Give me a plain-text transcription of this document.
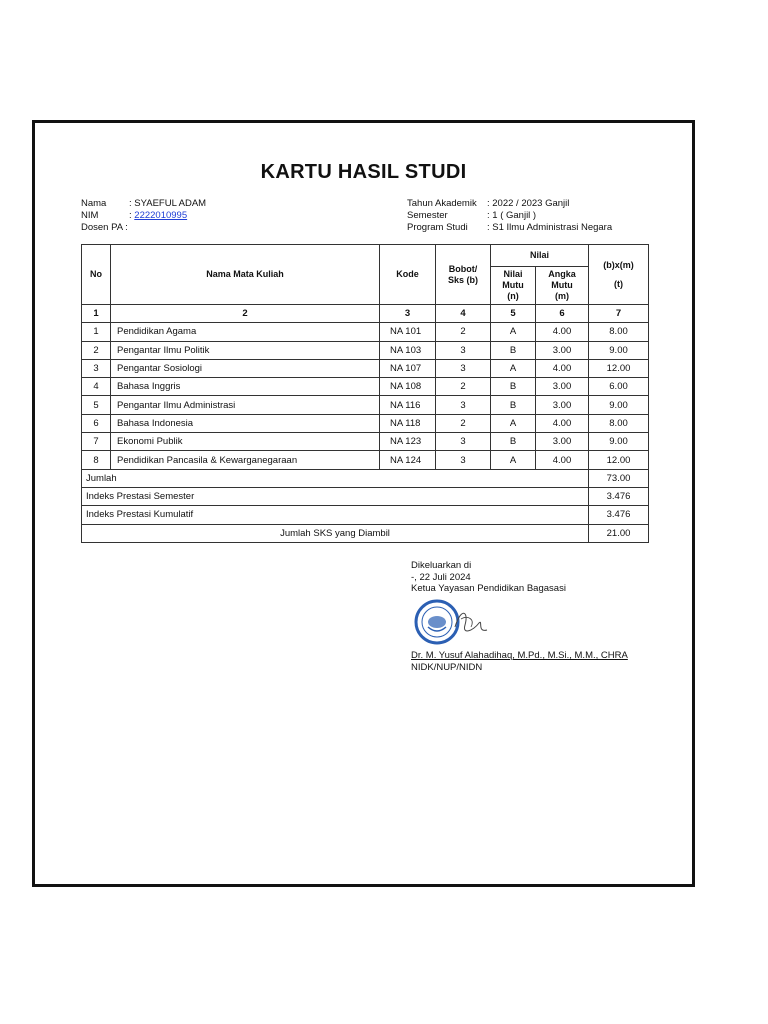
KARTU HASIL STUDI
Nama	: SYAEFUL ADAM
NIM	: 2222010995
Dosen PA :
Tahun Akademik	: 2022 / 2023 Ganjil
Semester	: 1 ( Ganjil )
Program Studi	: S1 Ilmu Administrasi Negara
No	Nama Mata Kuliah	Kode	Bobot/ Sks (b)	Nilai		(b)x(m)
(t)

				Nilai Mutu (n)	Angka Mutu (m)	
1	2	3	4	5	6	7
1	Pendidikan Agama	NA 101	2	A	4.00	8.00
2	Pengantar Ilmu Politik	NA 103	3	B	3.00	9.00
3	Pengantar Sosiologi	NA 107	3	A	4.00	12.00
4	Bahasa Inggris	NA 108	2	B	3.00	6.00
5	Pengantar Ilmu Administrasi	NA 116	3	B	3.00	9.00
6	Bahasa Indonesia	NA 118	2	A	4.00	8.00
7	Ekonomi Publik	NA 123	3	B	3.00	9.00
8	Pendidikan Pancasila & Kewarganegaraan	NA 124	3	A	4.00	12.00
Jumlah						73.00
Indeks Prestasi Semester						3.476
Indeks Prestasi Kumulatif						3.476
Jumlah SKS yang Diambil						21.00
Dikeluarkan di
-, 22 Juli 2024
Ketua Yayasan Pendidikan Bagasasi
Dr. M. Yusuf Alahadihaq, M.Pd., M.Si., M.M., CHRA
NIDK/NUP/NIDN
